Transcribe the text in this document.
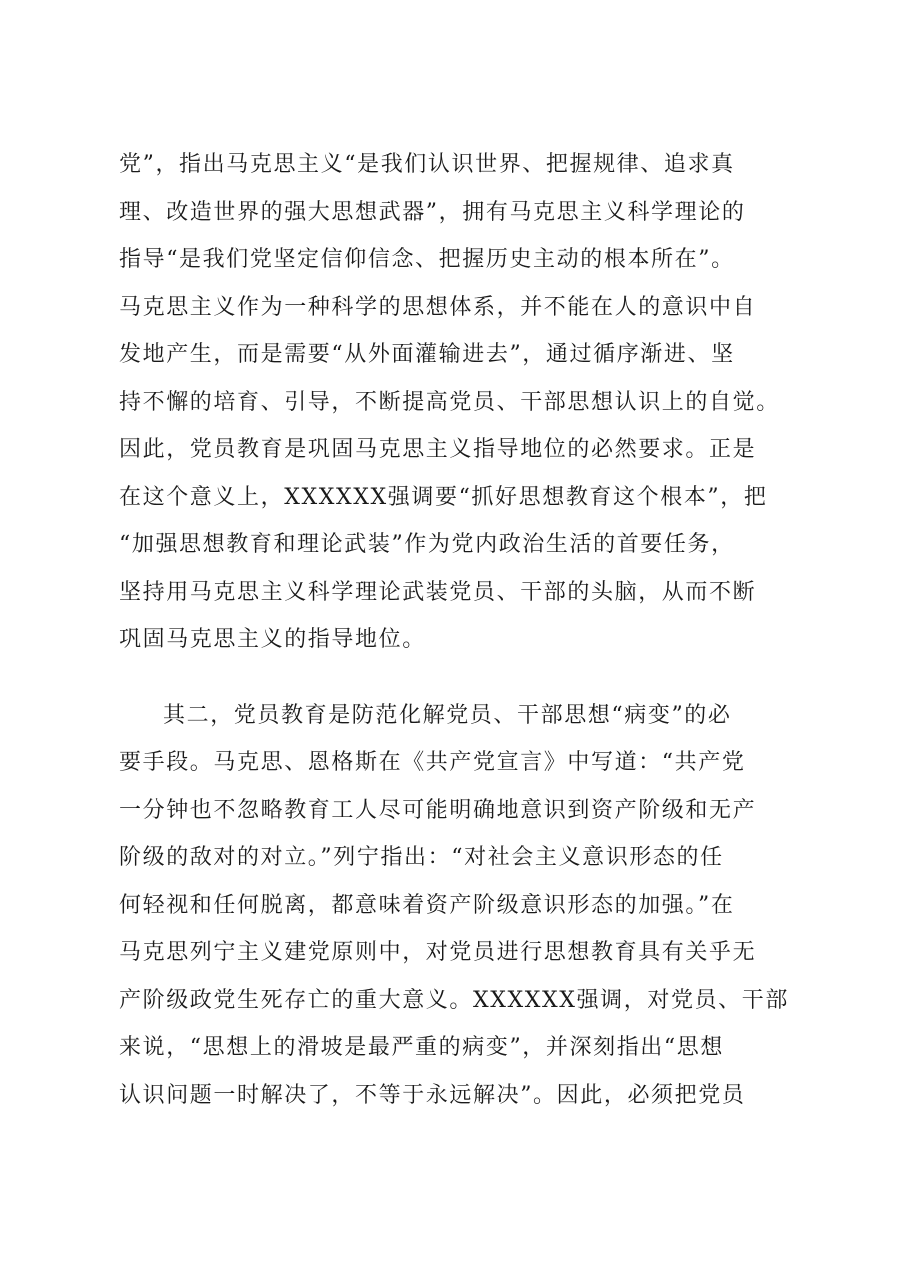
党”，指出马克思主义“是我们认识世界、把握规律、追求真
理、改造世界的强大思想武器”，拥有马克思主义科学理论的
指导“是我们党坚定信仰信念、把握历史主动的根本所在”。
马克思主义作为一种科学的思想体系，并不能在人的意识中自
发地产生，而是需要“从外面灌输进去”，通过循序渐进、坚
持不懈的培育、引导，不断提高党员、干部思想认识上的自觉。
因此，党员教育是巩固马克思主义指导地位的必然要求。正是
在这个意义上，XXXXXX强调要“抓好思想教育这个根本”，把
“加强思想教育和理论武装”作为党内政治生活的首要任务，
坚持用马克思主义科学理论武装党员、干部的头脑，从而不断
巩固马克思主义的指导地位。
其二，党员教育是防范化解党员、干部思想“病变”的必
要手段。马克思、恩格斯在《共产党宣言》中写道：“共产党
一分钟也不忽略教育工人尽可能明确地意识到资产阶级和无产
阶级的敌对的对立。”列宁指出：“对社会主义意识形态的任
何轻视和任何脱离，都意味着资产阶级意识形态的加强。”在
马克思列宁主义建党原则中，对党员进行思想教育具有关乎无
产阶级政党生死存亡的重大意义。XXXXXX强调，对党员、干部
来说，“思想上的滑坡是最严重的病变”，并深刻指出“思想
认识问题一时解决了，不等于永远解决”。因此，必须把党员
